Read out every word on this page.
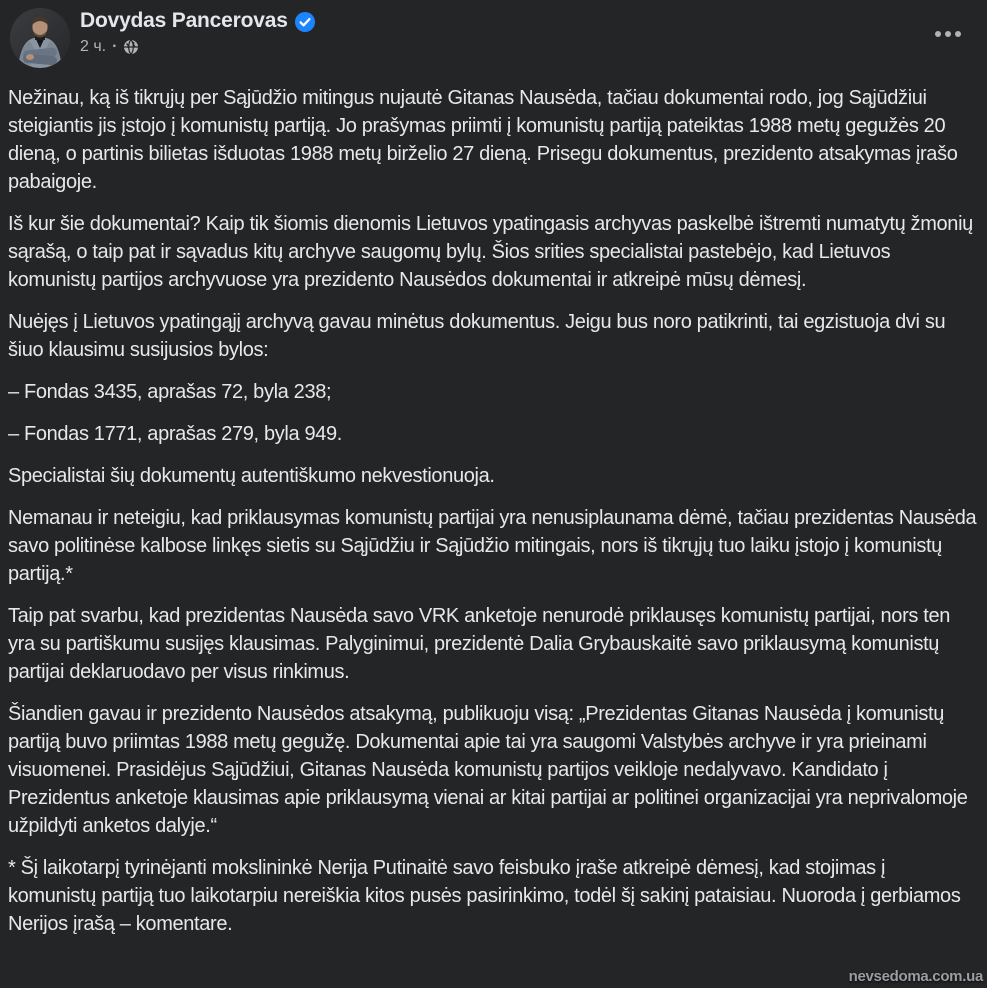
Dovydas Pancerovas
2 ч. ·

Nežinau, ką iš tikrųjų per Sąjūdžio mitingus nujautė Gitanas Nausėda, tačiau dokumentai rodo, jog Sąjūdžiui steigiantis jis įstojo į komunistų partiją. Jo prašymas priimti į komunistų partiją pateiktas 1988 metų gegužės 20 dieną, o partinis bilietas išduotas 1988 metų birželio 27 dieną. Prisegu dokumentus, prezidento atsakymas įrašo pabaigoje.

Iš kur šie dokumentai? Kaip tik šiomis dienomis Lietuvos ypatingasis archyvas paskelbė ištremti numatytų žmonių sąrašą, o taip pat ir sąvadus kitų archyve saugomų bylų. Šios srities specialistai pastebėjo, kad Lietuvos komunistų partijos archyvuose yra prezidento Nausėdos dokumentai ir atkreipė mūsų dėmesį.

Nuėjęs į Lietuvos ypatingąjį archyvą gavau minėtus dokumentus. Jeigu bus noro patikrinti, tai egzistuoja dvi su šiuo klausimu susijusios bylos:

– Fondas 3435, aprašas 72, byla 238;

– Fondas 1771, aprašas 279, byla 949.

Specialistai šių dokumentų autentiškumo nekvestionuoja.

Nemanau ir neteigiu, kad priklausymas komunistų partijai yra nenusiplaunama dėmė, tačiau prezidentas Nausėda savo politinėse kalbose linkęs sietis su Sąjūdžiu ir Sąjūdžio mitingais, nors iš tikrųjų tuo laiku įstojo į komunistų partiją.*

Taip pat svarbu, kad prezidentas Nausėda savo VRK anketoje nenurodė priklausęs komunistų partijai, nors ten yra su partiškumu susijęs klausimas. Palyginimui, prezidentė Dalia Grybauskaitė savo priklausymą komunistų partijai deklaruodavo per visus rinkimus.

Šiandien gavau ir prezidento Nausėdos atsakymą, publikuoju visą: „Prezidentas Gitanas Nausėda į komunistų partiją buvo priimtas 1988 metų gegužę. Dokumentai apie tai yra saugomi Valstybės archyve ir yra prieinami visuomenei. Prasidėjus Sąjūdžiui, Gitanas Nausėda komunistų partijos veikloje nedalyvavo. Kandidato į Prezidentus anketoje klausimas apie priklausymą vienai ar kitai partijai ar politinei organizacijai yra neprivalomoje užpildyti anketos dalyje.“

* Šį laikotarpį tyrinėjanti mokslininkė Nerija Putinaitė savo feisbuko įraše atkreipė dėmesį, kad stojimas į komunistų partiją tuo laikotarpiu nereiškia kitos pusės pasirinkimo, todėl šį sakinį pataisiau. Nuoroda į gerbiamos Nerijos įrašą – komentare.

nevsedoma.com.ua
